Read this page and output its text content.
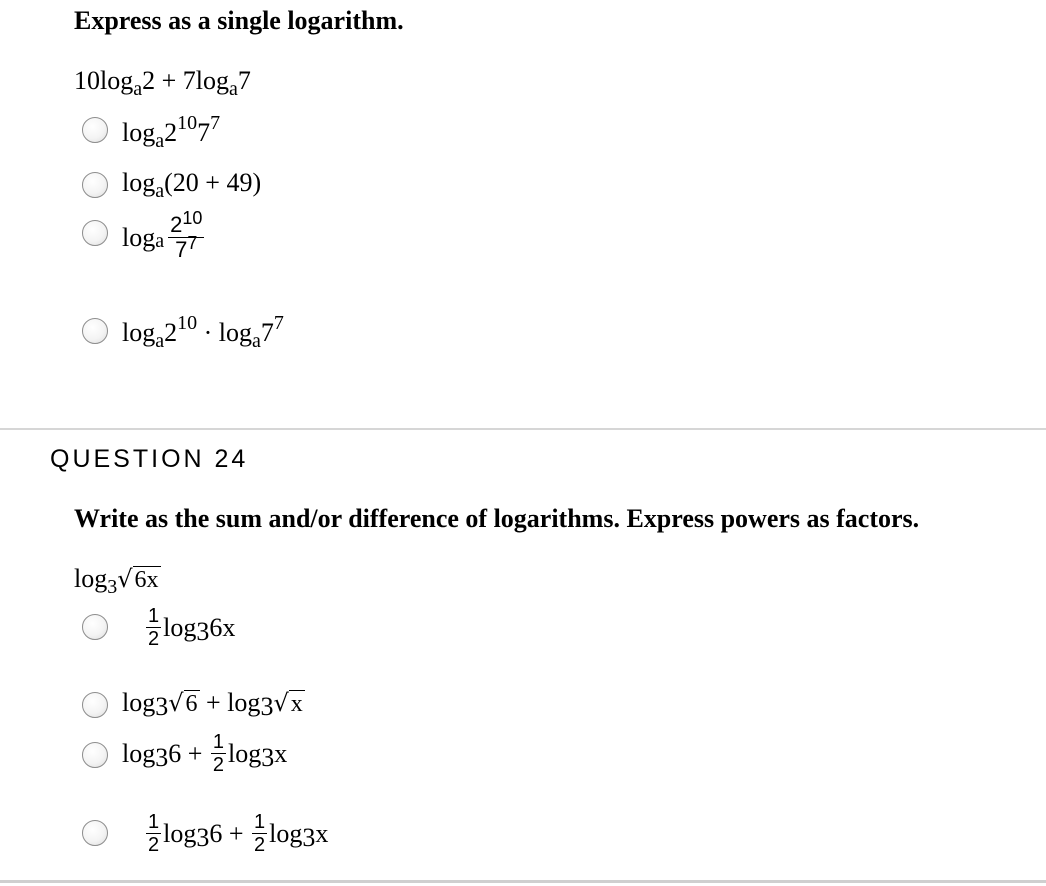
Express as a single logarithm.
$10\log_a2 + 7\log_a7$
$\log_a2^{10}7^7$
$\log_a(20 + 49)$
log a $\frac{2^{10}}{7^7}$
$\log_a2^{10} \cdot \log_a7^7$
QUESTION 24
Write as the sum and/or difference of logarithms. Express powers as factors.
$\log_3√6x$
$\frac{1}{2}$ log 3 6x
log3√6 + log3√x
log 3 $6 + \frac{1}{2}$ log 3 x
$\frac{1}{2}$ log 3 $6 + \frac{1}{2}$ log 3 x
